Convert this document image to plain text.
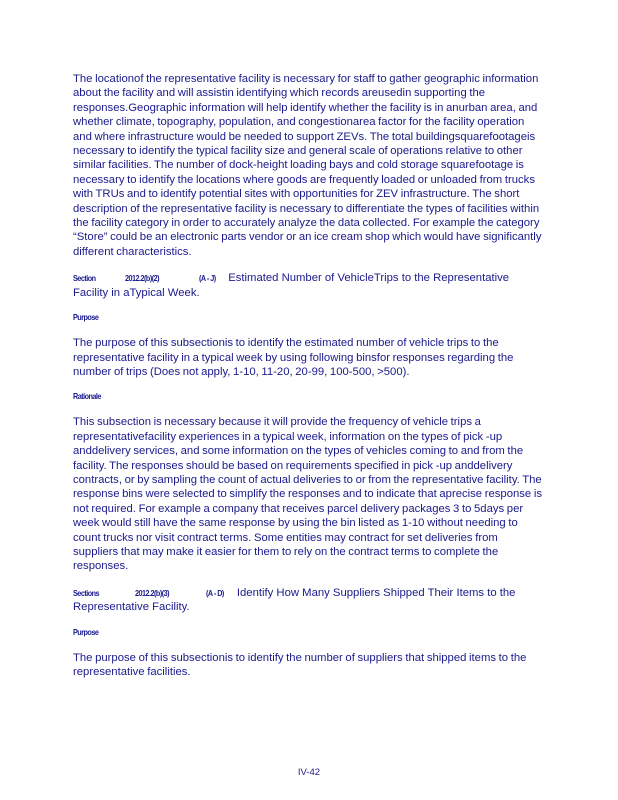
The locationof the representative facility is necessary for staff to gather geographic information about the facility and will assistin identifying which records areusedin supporting the responses.Geographic information will help identify whether the facility is in anurban area, and whether climate, topography, population, and congestionarea factor for the facility operation and where infrastructure would be needed to support ZEVs. The total buildingsquarefootageis necessary to identify the typical facility size and general scale of operations relative to other similar facilities. The number of dock-height loading bays and cold storage squarefootage is necessary to identify the locations where goods are frequently loaded or unloaded from trucks with TRUs and to identify potential sites with opportunities for ZEV infrastructure. The short description of the representative facility is necessary to differentiate the types of facilities within the facility category in order to accurately analyze the data collected. For example the category “Store” could be an electronic parts vendor or an ice cream shop which would have significantly different characteristics.

Section	2012.2(b)(2)	(A - J) Estimated Number of VehicleTrips to the Representative Facility in aTypical Week.

Purpose

The purpose of this subsectionis to identify the estimated number of vehicle trips to the representative facility in a typical week by using following binsfor responses regarding the number of trips (Does not apply, 1-10, 11-20, 20-99, 100-500, >500).

Rationale

This subsection is necessary because it will provide the frequency of vehicle trips a representativefacility experiences in a typical week, information on the types of pick -up anddelivery services, and some information on the types of vehicles coming to and from the facility. The responses should be based on requirements specified in pick -up anddelivery contracts, or by sampling the count of actual deliveries to or from the representative facility. The response bins were selected to simplify the responses and to indicate that aprecise response is not required. For example a company that receives parcel delivery packages 3 to 5days per week would still have the same response by using the bin listed as 1-10 without needing to count trucks nor visit contract terms. Some entities may contract for set deliveries from suppliers that may make it easier for them to rely on the contract terms to complete the responses.

Sections	2012.2(b)(3)	(A - D) Identify How Many Suppliers Shipped Their Items to the Representative Facility.

Purpose

The purpose of this subsectionis to identify the number of suppliers that shipped items to the representative facilities.

IV-42
